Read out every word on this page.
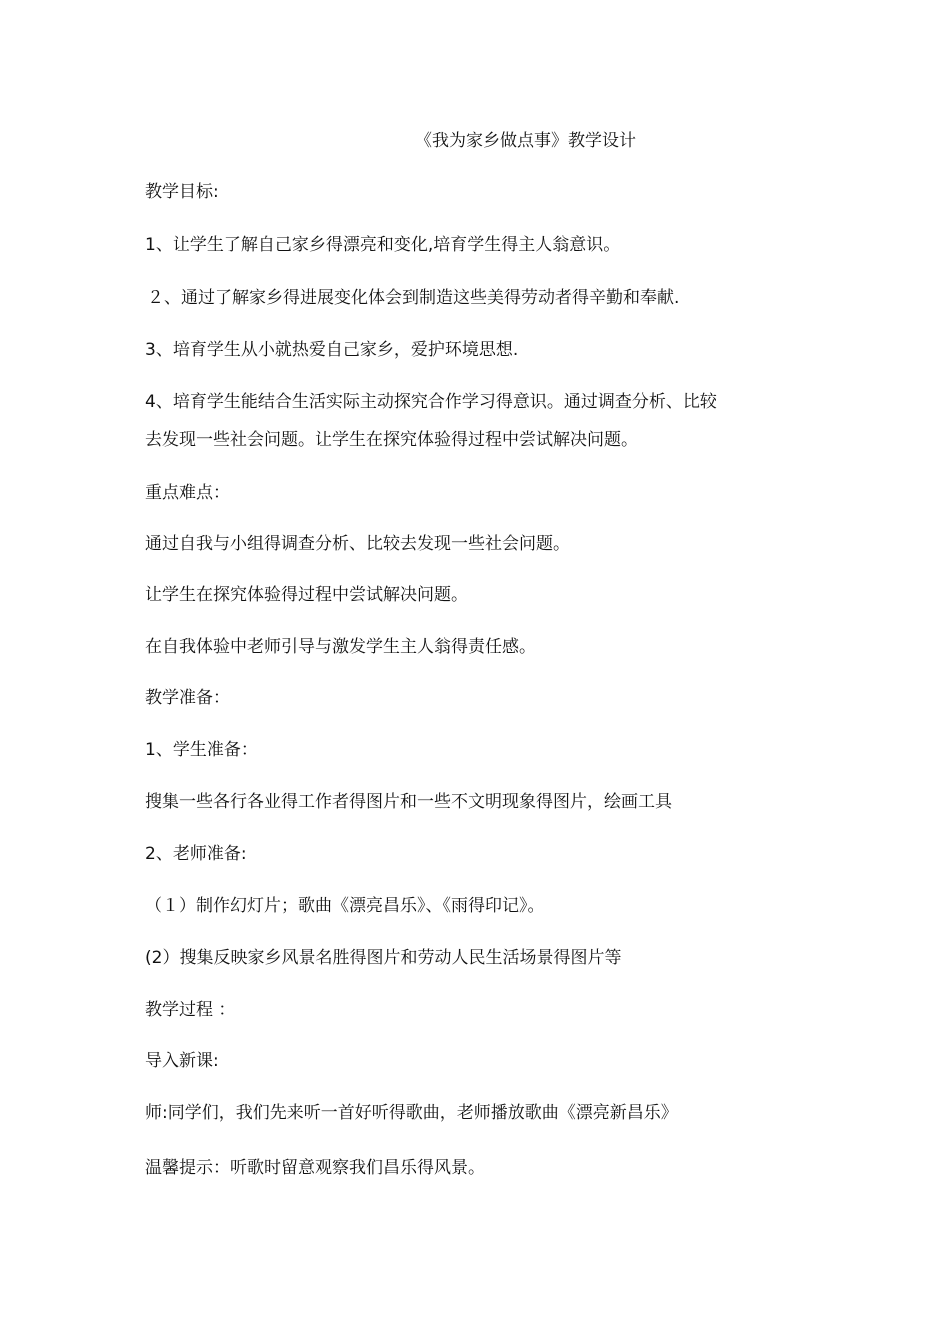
《我为家乡做点事》教学设计
教学目标:
1、让学生了解自己家乡得漂亮和变化,培育学生得主人翁意识。
２、通过了解家乡得进展变化体会到制造这些美得劳动者得辛勤和奉献.
3、培育学生从小就热爱自己家乡，爱护环境思想.
4、培育学生能结合生活实际主动探究合作学习得意识。通过调查分析、比较
去发现一些社会问题。让学生在探究体验得过程中尝试解决问题。
重点难点：
通过自我与小组得调查分析、比较去发现一些社会问题。
让学生在探究体验得过程中尝试解决问题。
在自我体验中老师引导与激发学生主人翁得责任感。
教学准备：
1、学生准备：
搜集一些各行各业得工作者得图片和一些不文明现象得图片，绘画工具
2、老师准备:
（１）制作幻灯片；歌曲《漂亮昌乐》、《雨得印记》。
(2）搜集反映家乡风景名胜得图片和劳动人民生活场景得图片等
教学过程 ：
导入新课:
师:同学们，我们先来听一首好听得歌曲，老师播放歌曲《漂亮新昌乐》
温馨提示：听歌时留意观察我们昌乐得风景。
